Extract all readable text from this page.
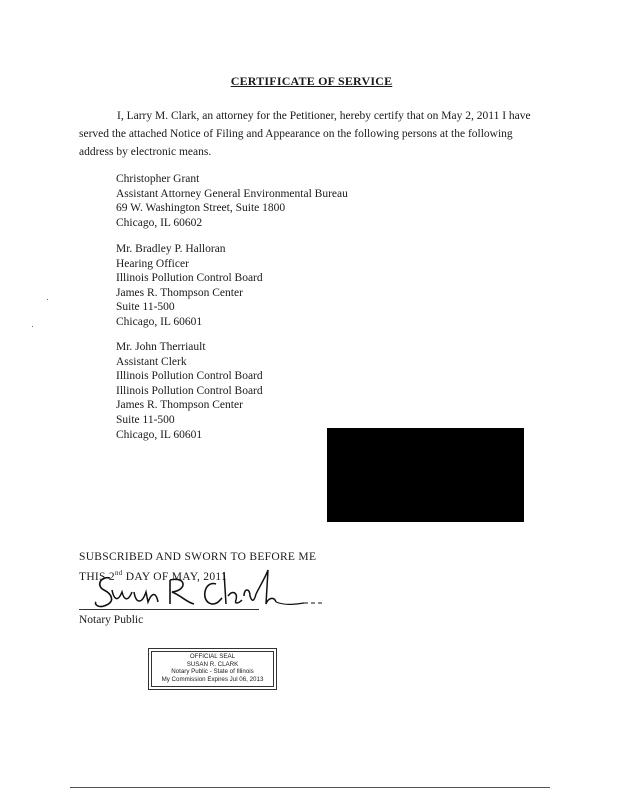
CERTIFICATE OF SERVICE
I, Larry M. Clark, an attorney for the Petitioner, hereby certify that on May 2, 2011 I have served the attached Notice of Filing and Appearance on the following persons at the following address by electronic means.
Christopher Grant
Assistant Attorney General Environmental Bureau
69 W. Washington Street, Suite 1800
Chicago, IL 60602
Mr. Bradley P. Halloran
Hearing Officer
Illinois Pollution Control Board
James R. Thompson Center
Suite 11-500
Chicago, IL 60601
Mr. John Therriault
Assistant Clerk
Illinois Pollution Control Board
Illinois Pollution Control Board
James R. Thompson Center
Suite 11-500
Chicago, IL 60601
SUBSCRIBED AND SWORN TO BEFORE ME
THIS 2nd DAY OF MAY, 2011
Notary Public
OFFICIAL SEAL
SUSAN R. CLARK
Notary Public - State of Illinois
My Commission Expires Jul 06, 2013
